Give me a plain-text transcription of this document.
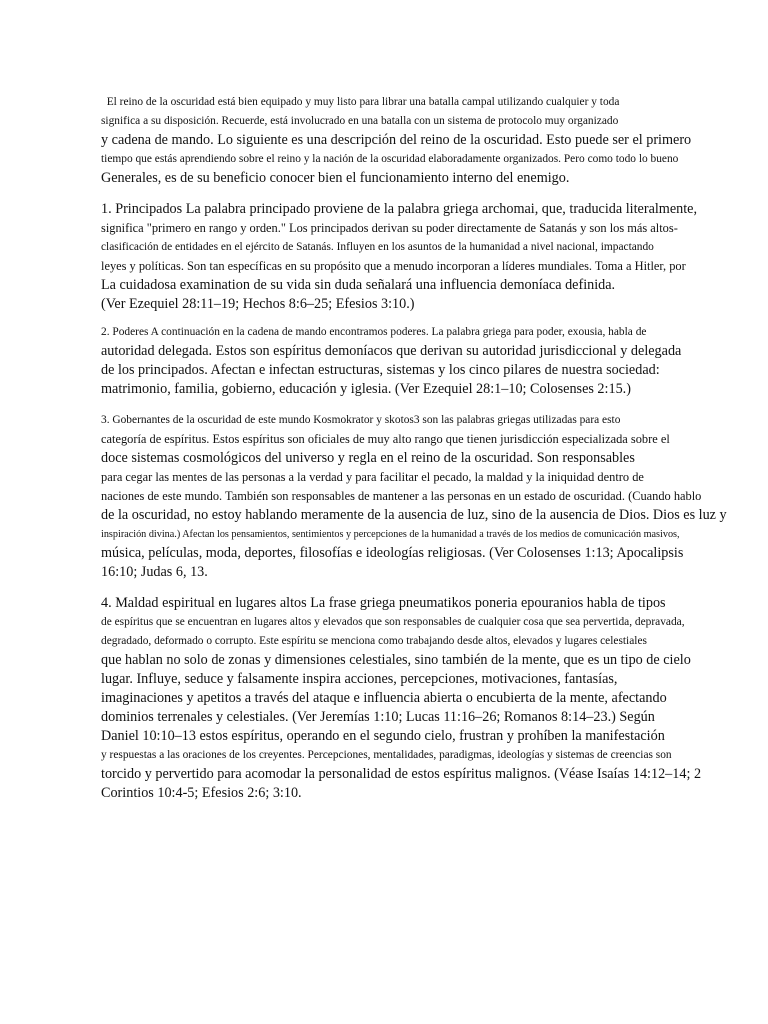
El reino de la oscuridad está bien equipado y muy listo para librar una batalla campal utilizando cualquier y toda
significa a su disposición. Recuerde, está involucrado en una batalla con un sistema de protocolo muy organizado
y cadena de mando. Lo siguiente es una descripción del reino de la oscuridad. Esto puede ser el primero
tiempo que estás aprendiendo sobre el reino y la nación de la oscuridad elaboradamente organizados. Pero como todo lo bueno
Generales, es de su beneficio conocer bien el funcionamiento interno del enemigo.
1. Principados La palabra principado proviene de la palabra griega archomai, que, traducida literalmente,
significa "primero en rango y orden." Los principados derivan su poder directamente de Satanás y son los más altos-
clasificación de entidades en el ejército de Satanás. Influyen en los asuntos de la humanidad a nivel nacional, impactando
leyes y políticas. Son tan específicas en su propósito que a menudo incorporan a líderes mundiales. Toma a Hitler, por
La cuidadosa examination de su vida sin duda señalará una influencia demoníaca definida.
(Ver Ezequiel 28:11–19; Hechos 8:6–25; Efesios 3:10.)
2. Poderes A continuación en la cadena de mando encontramos poderes. La palabra griega para poder, exousia, habla de
autoridad delegada. Estos son espíritus demoníacos que derivan su autoridad jurisdiccional y delegada
de los principados. Afectan e infectan estructuras, sistemas y los cinco pilares de nuestra sociedad:
matrimonio, familia, gobierno, educación y iglesia. (Ver Ezequiel 28:1–10; Colosenses 2:15.)
3. Gobernantes de la oscuridad de este mundo Kosmokrator y skotos3 son las palabras griegas utilizadas para esto
categoría de espíritus. Estos espíritus son oficiales de muy alto rango que tienen jurisdicción especializada sobre el
doce sistemas cosmológicos del universo y regla en el reino de la oscuridad. Son responsables
para cegar las mentes de las personas a la verdad y para facilitar el pecado, la maldad y la iniquidad dentro de
naciones de este mundo. También son responsables de mantener a las personas en un estado de oscuridad. (Cuando hablo
de la oscuridad, no estoy hablando meramente de la ausencia de luz, sino de la ausencia de Dios. Dios es luz y
inspiración divina.) Afectan los pensamientos, sentimientos y percepciones de la humanidad a través de los medios de comunicación masivos,
música, películas, moda, deportes, filosofías e ideologías religiosas. (Ver Colosenses 1:13; Apocalipsis
16:10; Judas 6, 13.
4. Maldad espiritual en lugares altos La frase griega pneumatikos poneria epouranios habla de tipos
de espíritus que se encuentran en lugares altos y elevados que son responsables de cualquier cosa que sea pervertida, depravada,
degradado, deformado o corrupto. Este espíritu se menciona como trabajando desde altos, elevados y lugares celestiales
que hablan no solo de zonas y dimensiones celestiales, sino también de la mente, que es un tipo de cielo
lugar. Influye, seduce y falsamente inspira acciones, percepciones, motivaciones, fantasías,
imaginaciones y apetitos a través del ataque e influencia abierta o encubierta de la mente, afectando
dominios terrenales y celestiales. (Ver Jeremías 1:10; Lucas 11:16–26; Romanos 8:14–23.) Según
Daniel 10:10–13 estos espíritus, operando en el segundo cielo, frustran y prohíben la manifestación
y respuestas a las oraciones de los creyentes. Percepciones, mentalidades, paradigmas, ideologías y sistemas de creencias son
torcido y pervertido para acomodar la personalidad de estos espíritus malignos. (Véase Isaías 14:12–14; 2
Corintios 10:4-5; Efesios 2:6; 3:10.
